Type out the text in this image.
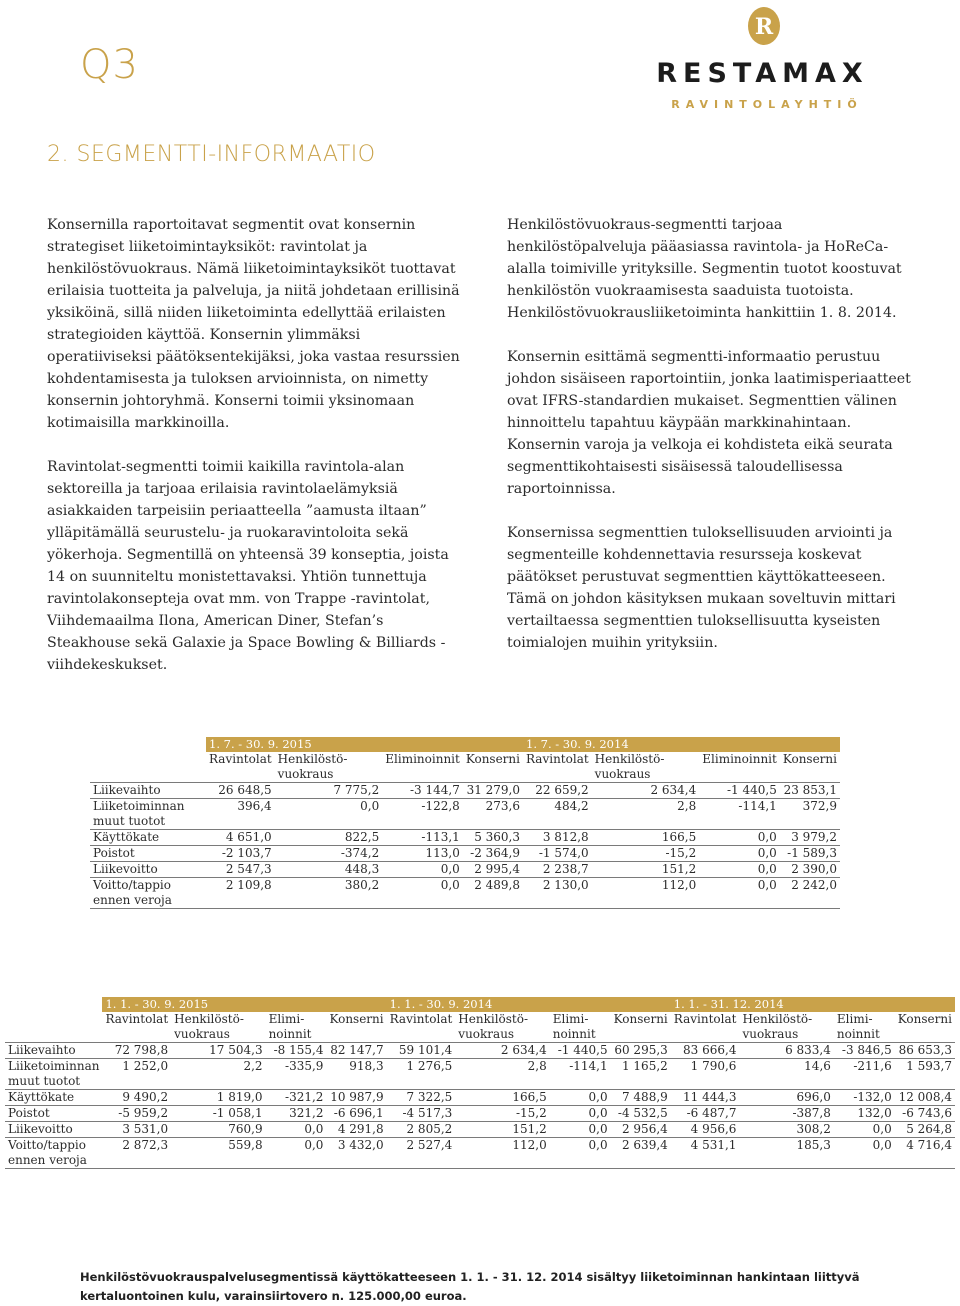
Q3
R
RESTAMAX
RAVINTOLAYHTIÖ
2. SEGMENTTI-INFORMAATIO

Konsernilla raportoitavat segmentit ovat konsernin strategiset liiketoimintayksiköt: ravintolat ja henkilöstövuokraus. Nämä liiketoimintayksiköt tuottavat erilaisia tuotteita ja palveluja, ja niitä johdetaan erillisinä yksiköinä, sillä niiden liiketoiminta edellyttää erilaisten strategioiden käyttöä. Konsernin ylimmäksi operatiiviseksi päätöksentekijäksi, joka vastaa resurssien kohdentamisesta ja tuloksen arvioinnista, on nimetty konsernin johtoryhmä. Konserni toimii yksinomaan kotimaisilla markkinoilla.

Ravintolat-segmentti toimii kaikilla ravintola-alan sektoreilla ja tarjoaa erilaisia ravintolaelämyksiä asiakkaiden tarpeisiin periaatteella ”aamusta iltaan” ylläpitämällä seurustelu- ja ruokaravintoloita sekä yökerhoja. Segmentillä on yhteensä 39 konseptia, joista 14 on suunniteltu monistettavaksi. Yhtiön tunnettuja ravintolakonsepteja ovat mm. von Trappe -ravintolat, Viihdemaailma Ilona, American Diner, Stefan’s Steakhouse sekä Galaxie ja Space Bowling & Billiards -viihdekeskukset.

Henkilöstövuokraus-segmentti tarjoaa henkilöstöpalveluja pääasiassa ravintola- ja HoReCa-alalla toimiville yrityksille. Segmentin tuotot koostuvat henkilöstön vuokraamisesta saaduista tuotoista. Henkilöstövuokrausliiketoiminta hankittiin 1. 8. 2014.

Konsernin esittämä segmentti-informaatio perustuu johdon sisäiseen raportointiin, jonka laatimisperiaatteet ovat IFRS-standardien mukaiset. Segmenttien välinen hinnoittelu tapahtuu käypään markkinahintaan. Konsernin varoja ja velkoja ei kohdisteta eikä seurata segmenttikohtaisesti sisäisessä taloudellisessa raportoinnissa.

Konsernissa segmenttien tuloksellisuuden arviointi ja segmenteille kohdennettavia resursseja koskevat päätökset perustuvat segmenttien käyttökatteeseen. Tämä on johdon käsityksen mukaan soveltuvin mittari vertailtaessa segmenttien tuloksellisuutta kyseisten toimialojen muihin yrityksiin.

	1. 7. - 30. 9. 2015				1. 7. - 30. 9. 2014			
	Ravintolat	Henkilöstö-vuokraus	Eliminoinnit	Konserni	Ravintolat	Henkilöstö-vuokraus	Eliminoinnit	Konserni
Liikevaihto	26 648,5	7 775,2	-3 144,7	31 279,0	22 659,2	2 634,4	-1 440,5	23 853,1
Liiketoiminnan muut tuotot	396,4	0,0	-122,8	273,6	484,2	2,8	-114,1	372,9
Käyttökate	4 651,0	822,5	-113,1	5 360,3	3 812,8	166,5	0,0	3 979,2
Poistot	-2 103,7	-374,2	113,0	-2 364,9	-1 574,0	-15,2	0,0	-1 589,3
Liikevoitto	2 547,3	448,3	0,0	2 995,4	2 238,7	151,2	0,0	2 390,0
Voitto/tappio ennen veroja	2 109,8	380,2	0,0	2 489,8	2 130,0	112,0	0,0	2 242,0
	1. 1. - 30. 9. 2015				1. 1. - 30. 9. 2014				1. 1. - 31. 12. 2014			
	Ravintolat	Henkilöstö-vuokraus	Elimi-noinnit	Konserni	Ravintolat	Henkilöstö-vuokraus	Elimi-noinnit	Konserni	Ravintolat	Henkilöstö-vuokraus	Elimi-noinnit	Konserni
Liikevaihto	72 798,8	17 504,3	-8 155,4	82 147,7	59 101,4	2 634,4	-1 440,5	60 295,3	83 666,4	6 833,4	-3 846,5	86 653,3
Liiketoiminnan muut tuotot	1 252,0	2,2	-335,9	918,3	1 276,5	2,8	-114,1	1 165,2	1 790,6	14,6	-211,6	1 593,7
Käyttökate	9 490,2	1 819,0	-321,2	10 987,9	7 322,5	166,5	0,0	7 488,9	11 444,3	696,0	-132,0	12 008,4
Poistot	-5 959,2	-1 058,1	321,2	-6 696,1	-4 517,3	-15,2	0,0	-4 532,5	-6 487,7	-387,8	132,0	-6 743,6
Liikevoitto	3 531,0	760,9	0,0	4 291,8	2 805,2	151,2	0,0	2 956,4	4 956,6	308,2	0,0	5 264,8
Voitto/tappio ennen veroja	2 872,3	559,8	0,0	3 432,0	2 527,4	112,0	0,0	2 639,4	4 531,1	185,3	0,0	4 716,4
Henkilöstövuokrauspalvelusegmentissä käyttökatteeseen 1. 1. - 31. 12. 2014 sisältyy liiketoiminnan hankintaan liittyvä kertaluontoinen kulu, varainsiirtovero n. 125.000,00 euroa.
